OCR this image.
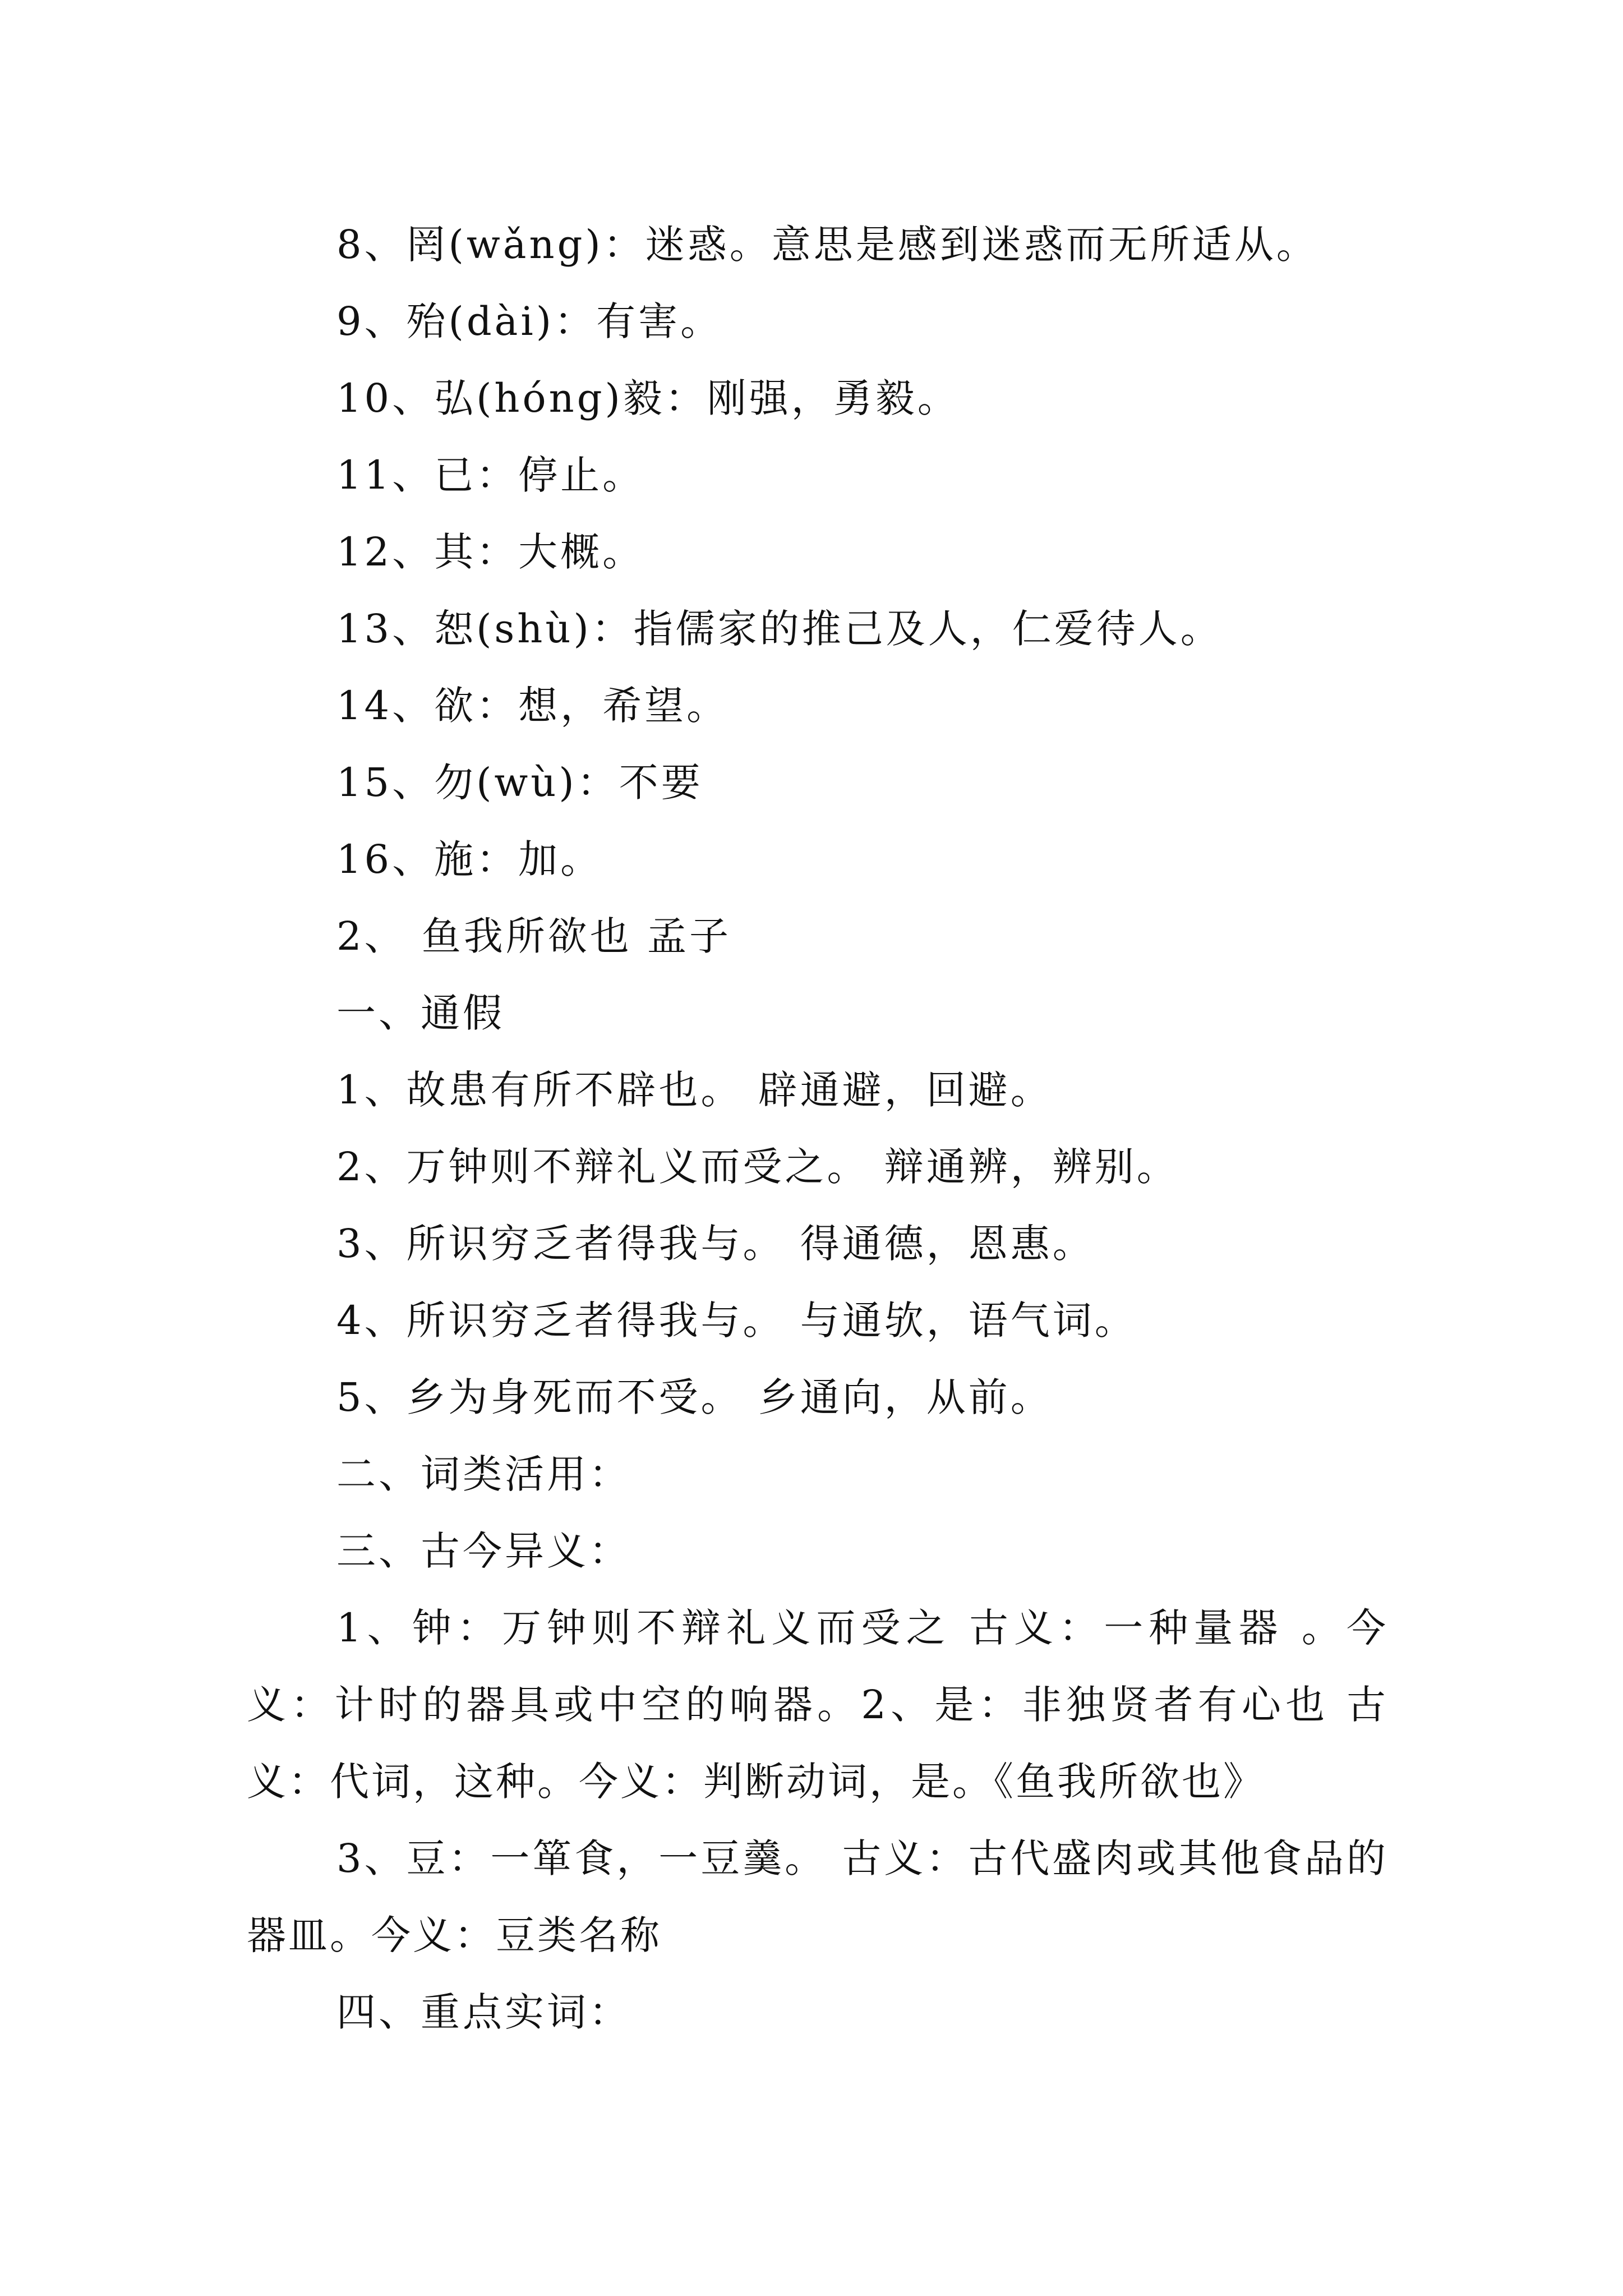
8、罔(wǎng)：迷惑。意思是感到迷惑而无所适从。

9、殆(dài)：有害。

10、弘(hóng)毅：刚强，勇毅。

11、已：停止。

12、其：大概。

13、恕(shù)：指儒家的推己及人，仁爱待人。

14、欲：想，希望。

15、勿(wù)：不要

16、施：加。

2、 鱼我所欲也 孟子

一、通假

1、故患有所不辟也。 辟通避，回避。

2、万钟则不辩礼义而受之。 辩通辨，辨别。

3、所识穷乏者得我与。 得通德，恩惠。

4、所识穷乏者得我与。 与通欤，语气词。

5、乡为身死而不受。 乡通向，从前。

二、词类活用：

三、古今异义：

1、钟：万钟则不辩礼义而受之 古义：一种量器 。今义：计时的器具或中空的响器。2、是：非独贤者有心也 古义：代词，这种。今义：判断动词，是。《鱼我所欲也》

3、豆：一箪食，一豆羹。 古义：古代盛肉或其他食品的器皿。今义：豆类名称

四、重点实词：
